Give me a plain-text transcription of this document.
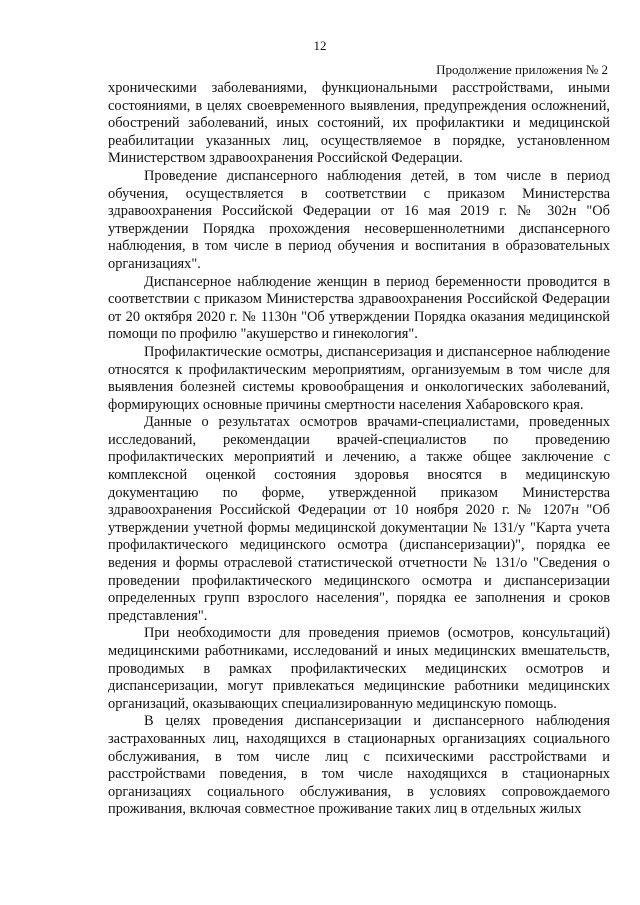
12
Продолжение приложения № 2

хроническими заболеваниями, функциональными расстройствами, иными состояниями, в целях своевременного выявления, предупреждения осложнений, обострений заболеваний, иных состояний, их профилактики и медицинской реабилитации указанных лиц, осуществляемое в порядке, установленном Министерством здравоохранения Российской Федерации.

Проведение диспансерного наблюдения детей, в том числе в период обучения, осуществляется в соответствии с приказом Министерства здравоохранения Российской Федерации от 16 мая 2019 г. № 302н "Об утверждении Порядка прохождения несовершеннолетними диспансерного наблюдения, в том числе в период обучения и воспитания в образовательных организациях".

Диспансерное наблюдение женщин в период беременности проводится в соответствии с приказом Министерства здравоохранения Российской Федерации от 20 октября 2020 г. № 1130н "Об утверждении Порядка оказания медицинской помощи по профилю "акушерство и гинекология".

Профилактические осмотры, диспансеризация и диспансерное наблюдение относятся к профилактическим мероприятиям, организуемым в том числе для выявления болезней системы кровообращения и онкологических заболеваний, формирующих основные причины смертности населения Хабаровского края.

Данные о результатах осмотров врачами-специалистами, проведенных исследований, рекомендации врачей-специалистов по проведению профилактических мероприятий и лечению, а также общее заключение с комплексной оценкой состояния здоровья вносятся в медицинскую документацию по форме, утвержденной приказом Министерства здравоохранения Российской Федерации от 10 ноября 2020 г. № 1207н "Об утверждении учетной формы медицинской документации № 131/у "Карта учета профилактического медицинского осмотра (диспансеризации)", порядка ее ведения и формы отраслевой статистической отчетности № 131/о "Сведения о проведении профилактического медицинского осмотра и диспансеризации определенных групп взрослого населения", порядка ее заполнения и сроков представления".

При необходимости для проведения приемов (осмотров, консультаций) медицинскими работниками, исследований и иных медицинских вмешательств, проводимых в рамках профилактических медицинских осмотров и диспансеризации, могут привлекаться медицинские работники медицинских организаций, оказывающих специализированную медицинскую помощь.

В целях проведения диспансеризации и диспансерного наблюдения застрахованных лиц, находящихся в стационарных организациях социального обслуживания, в том числе лиц с психическими расстройствами и расстройствами поведения, в том числе находящихся в стационарных организациях социального обслуживания, в условиях сопровождаемого проживания, включая совместное проживание таких лиц в отдельных жилых
